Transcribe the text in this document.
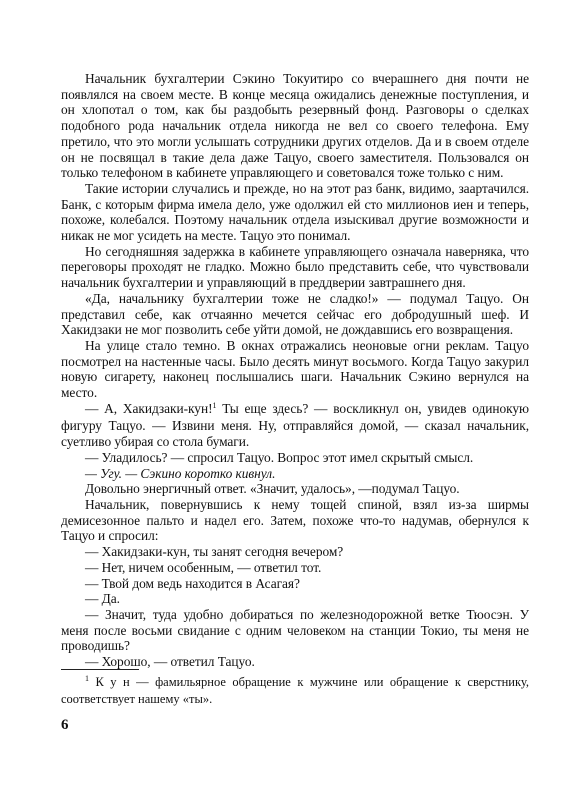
Начальник бухгалтерии Сэкино Токуитиро со вчерашнего дня почти не появлялся на своем месте. В конце месяца ожидались денежные поступления, и он хлопотал о том, как бы раздобыть резервный фонд. Разговоры о сделках подобного рода начальник отдела никогда не вел со своего телефона. Ему претило, что это могли услышать сотрудники других отделов. Да и в своем отделе он не посвящал в такие дела даже Тацуо, своего заместителя. Пользовался он только телефоном в кабинете управляющего и советовался тоже только с ним.

Такие истории случались и прежде, но на этот раз банк, видимо, заартачился. Банк, с которым фирма имела дело, уже одолжил ей сто миллионов иен и теперь, похоже, колебался. Поэтому начальник отдела изыскивал другие возможности и никак не мог усидеть на месте. Тацуо это понимал.

Но сегодняшняя задержка в кабинете управляющего означала наверняка, что переговоры проходят не гладко. Можно было представить себе, что чувствовали начальник бухгалтерии и управляющий в преддверии завтрашнего дня.

«Да, начальнику бухгалтерии тоже не сладко!» — подумал Тацуо. Он представил себе, как отчаянно мечется сейчас его добродушный шеф. И Хакидзаки не мог позволить себе уйти домой, не дождавшись его возвращения.

На улице стало темно. В окнах отражались неоновые огни реклам. Тацуо посмотрел на настенные часы. Было десять минут восьмого. Когда Тацуо закурил новую сигарету, наконец послышались шаги. Начальник Сэкино вернулся на место.

— А, Хакидзаки-кун!$^1$ Ты еще здесь? — воскликнул он, увидев одинокую фигуру Тацуо. — Извини меня. Ну, отправляйся домой, — сказал начальник, суетливо убирая со стола бумаги.

— Уладилось? — спросил Тацуо. Вопрос этот имел скрытый смысл.

— Угу. — Сэкино коротко кивнул.

Довольно энергичный ответ. «Значит, удалось», —подумал Тацуо.

Начальник, повернувшись к нему тощей спиной, взял из-за ширмы демисезонное пальто и надел его. Затем, похоже что-то надумав, обернулся к Тацуо и спросил:

— Хакидзаки-кун, ты занят сегодня вечером?

— Нет, ничем особенным, — ответил тот.

— Твой дом ведь находится в Асагая?

— Да.

— Значит, туда удобно добираться по железнодорожной ветке Тюосэн. У меня после восьми свидание с одним человеком на станции Токио, ты меня не проводишь?

— Хорошо, — ответил Тацуо.

$^1$ К у н — фамильярное обращение к мужчине или обращение к сверстнику, соответствует нашему «ты».

6
